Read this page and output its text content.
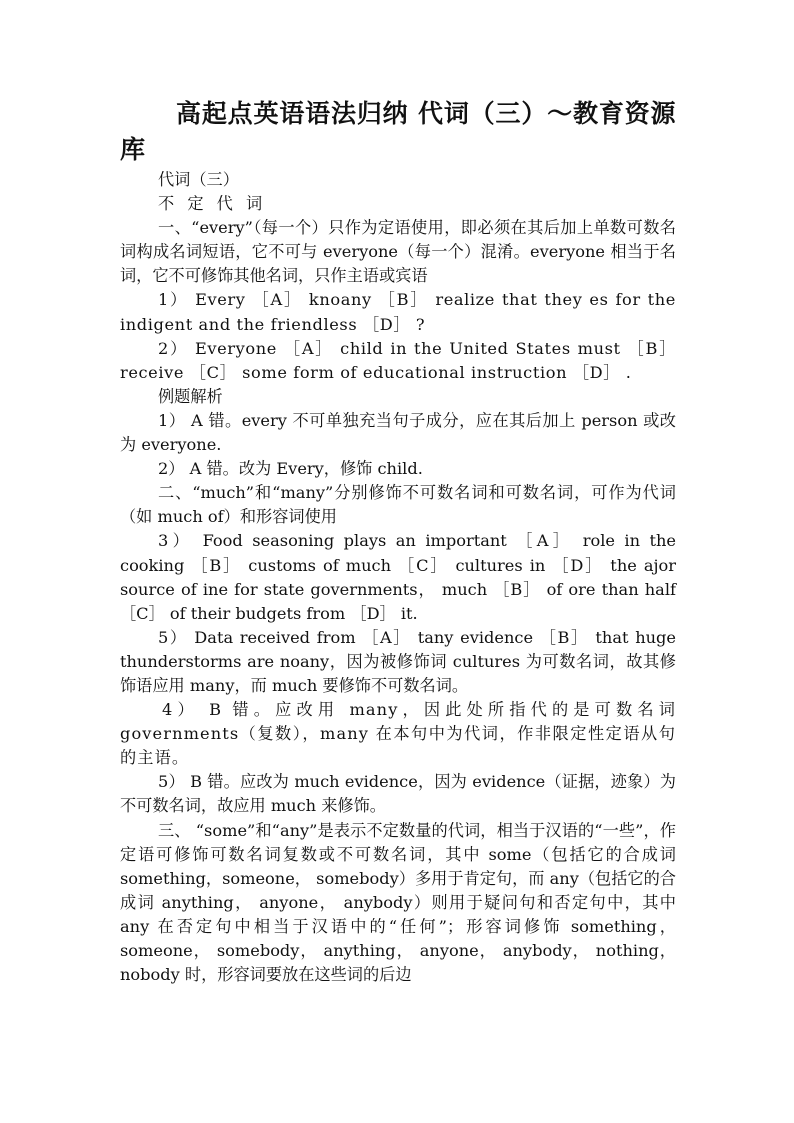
高起点英语语法归纳 代词（三）～教育资源库
代词（三）
不 定 代 词
一、“every”（每一个）只作为定语使用，即必须在其后加上单数可数名词构成名词短语，它不可与 everyone（每一个）混淆。everyone 相当于名词，它不可修饰其他名词，只作主语或宾语
1） Every ［A］ knoany ［B］ realize that they es for the indigent and the friendless ［D］ ?
2） Everyone ［A］ child in the United States must ［B］ receive ［C］ some form of educational instruction ［D］ .
例题解析
1） A 错。every 不可单独充当句子成分，应在其后加上 person 或改为 everyone.
2） A 错。改为 Every，修饰 child.
二、“much”和“many”分别修饰不可数名词和可数名词，可作为代词（如 much of）和形容词使用
3） Food seasoning plays an important ［A］ role in the cooking ［B］ customs of much ［C］ cultures in ［D］ the ajor source of ine for state governments， much ［B］ of ore than half ［C］ of their budgets from ［D］ it.
5） Data received from ［A］ tany evidence ［B］ that huge thunderstorms are noany，因为被修饰词 cultures 为可数名词，故其修饰语应用 many，而 much 要修饰不可数名词。
4） B 错。应改用 many，因此处所指代的是可数名词 governments（复数），many 在本句中为代词，作非限定性定语从句的主语。
5） B 错。应改为 much evidence，因为 evidence（证据，迹象）为不可数名词，故应用 much 来修饰。
三、 “some”和“any”是表示不定数量的代词，相当于汉语的“一些”，作定语可修饰可数名词复数或不可数名词，其中 some（包括它的合成词 something，someone， somebody）多用于肯定句，而 any（包括它的合成词 anything， anyone， anybody）则用于疑问句和否定句中，其中 any 在否定句中相当于汉语中的“任何”；形容词修饰 something， someone， somebody， anything， anyone， anybody， nothing， nobody 时，形容词要放在这些词的后边
